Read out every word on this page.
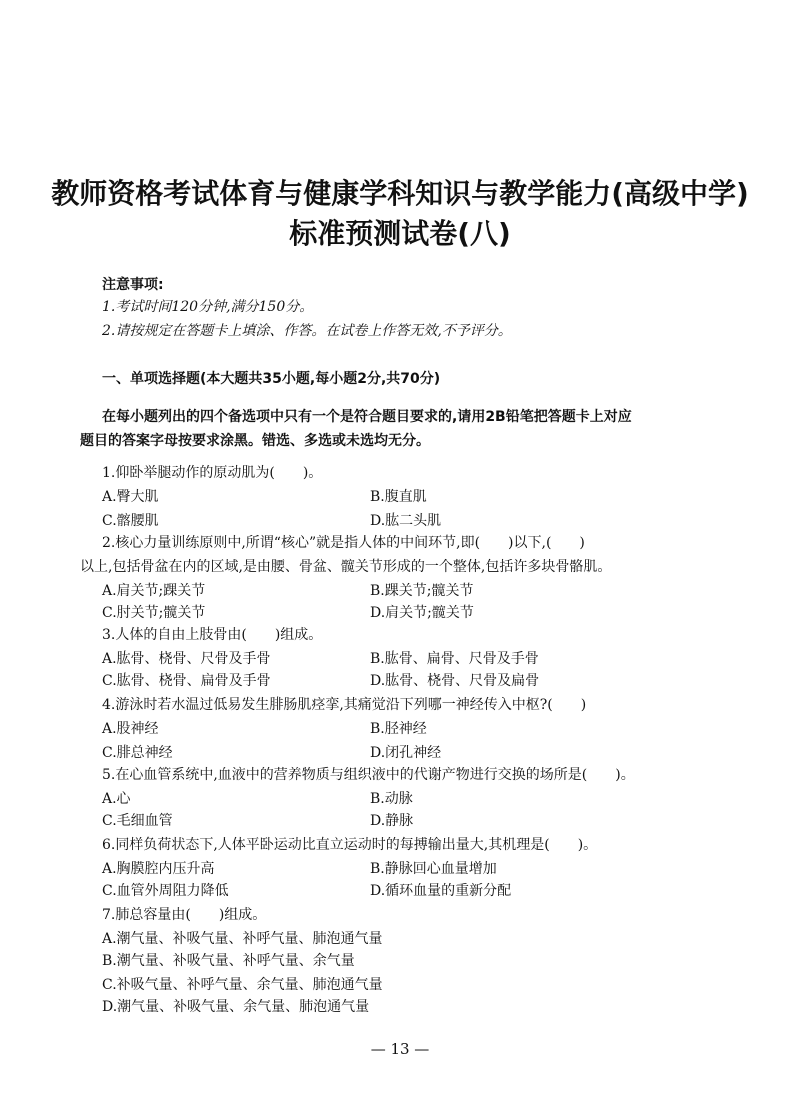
教师资格考试体育与健康学科知识与教学能力(高级中学)
标准预测试卷(八)
注意事项:
1.考试时间120分钟,满分150分。
2.请按规定在答题卡上填涂、作答。在试卷上作答无效,不予评分。
一、单项选择题(本大题共35小题,每小题2分,共70分)
在每小题列出的四个备选项中只有一个是符合题目要求的,请用2B铅笔把答题卡上对应
题目的答案字母按要求涂黑。错选、多选或未选均无分。
1.仰卧举腿动作的原动肌为(　　)。
A.臀大肌	B.腹直肌
C.髂腰肌	D.肱二头肌
2.核心力量训练原则中,所谓“核心”就是指人体的中间环节,即(　　)以下,(　　)
以上,包括骨盆在内的区域,是由腰、骨盆、髋关节形成的一个整体,包括许多块骨骼肌。
A.肩关节;踝关节	B.踝关节;髋关节
C.肘关节;髋关节	D.肩关节;髋关节
3.人体的自由上肢骨由(　　)组成。
A.肱骨、桡骨、尺骨及手骨	B.肱骨、扁骨、尺骨及手骨
C.肱骨、桡骨、扁骨及手骨	D.肱骨、桡骨、尺骨及扁骨
4.游泳时若水温过低易发生腓肠肌痉挛,其痛觉沿下列哪一神经传入中枢?(　　)
A.股神经	B.胫神经
C.腓总神经	D.闭孔神经
5.在心血管系统中,血液中的营养物质与组织液中的代谢产物进行交换的场所是(　　)。
A.心	B.动脉
C.毛细血管	D.静脉
6.同样负荷状态下,人体平卧运动比直立运动时的每搏输出量大,其机理是(　　)。
A.胸膜腔内压升高	B.静脉回心血量增加
C.血管外周阻力降低	D.循环血量的重新分配
7.肺总容量由(　　)组成。
A.潮气量、补吸气量、补呼气量、肺泡通气量
B.潮气量、补吸气量、补呼气量、余气量
C.补吸气量、补呼气量、余气量、肺泡通气量
D.潮气量、补吸气量、余气量、肺泡通气量
— 13 —
